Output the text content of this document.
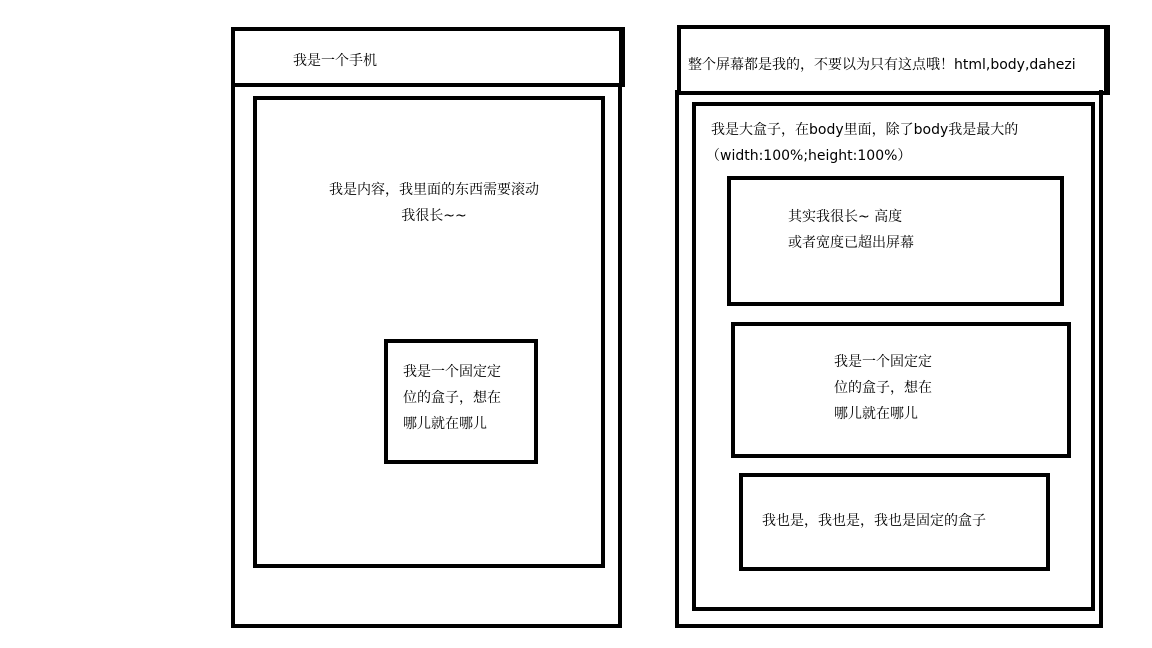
我是一个手机
我是内容，我里面的东西需要滚动
我很长~~
我是一个固定定
位的盒子，想在
哪儿就在哪儿
整个屏幕都是我的，不要以为只有这点哦！html,body,dahezi
我是大盒子，在body里面，除了body我是最大的
（width:100%;height:100%）
其实我很长~ 高度
或者宽度已超出屏幕
我是一个固定定
位的盒子，想在
哪儿就在哪儿
我也是，我也是，我也是固定的盒子
